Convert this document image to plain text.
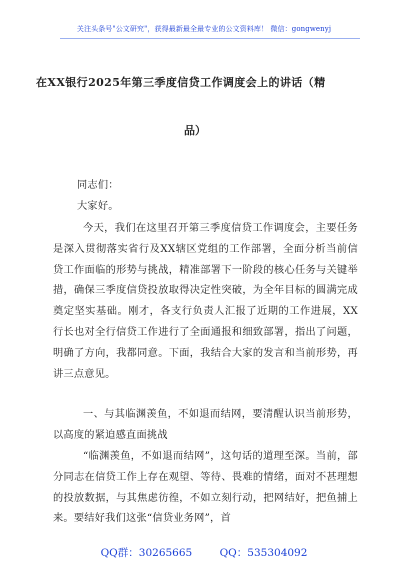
关注头条号"公文研究"，获得最新最全最专业的公文资料库！ 微信：gongwenyj
在XX银行2025年第三季度信贷工作调度会上的讲话（精
品）

同志们：

大家好。

今天，我们在这里召开第三季度信贷工作调度会，主要任务是深入贯彻落实省行及XX辖区党组的工作部署，全面分析当前信贷工作面临的形势与挑战，精准部署下一阶段的核心任务与关键举措，确保三季度信贷投放取得决定性突破，为全年目标的圆满完成奠定坚实基础。刚才，各支行负责人汇报了近期的工作进展，XX行长也对全行信贷工作进行了全面通报和细致部署，指出了问题，明确了方向，我都同意。下面，我结合大家的发言和当前形势，再讲三点意见。

一、与其临渊羡鱼，不如退而结网，要清醒认识当前形势，以高度的紧迫感直面挑战

“临渊羡鱼，不如退而结网”，这句话的道理至深。当前，部分同志在信贷工作上存在观望、等待、畏难的情绪，面对不甚理想的投放数据，与其焦虑彷徨，不如立刻行动，把网结好，把鱼捕上来。要结好我们这张“信贷业务网”，首

QQ群：30265665	QQ：535304092
